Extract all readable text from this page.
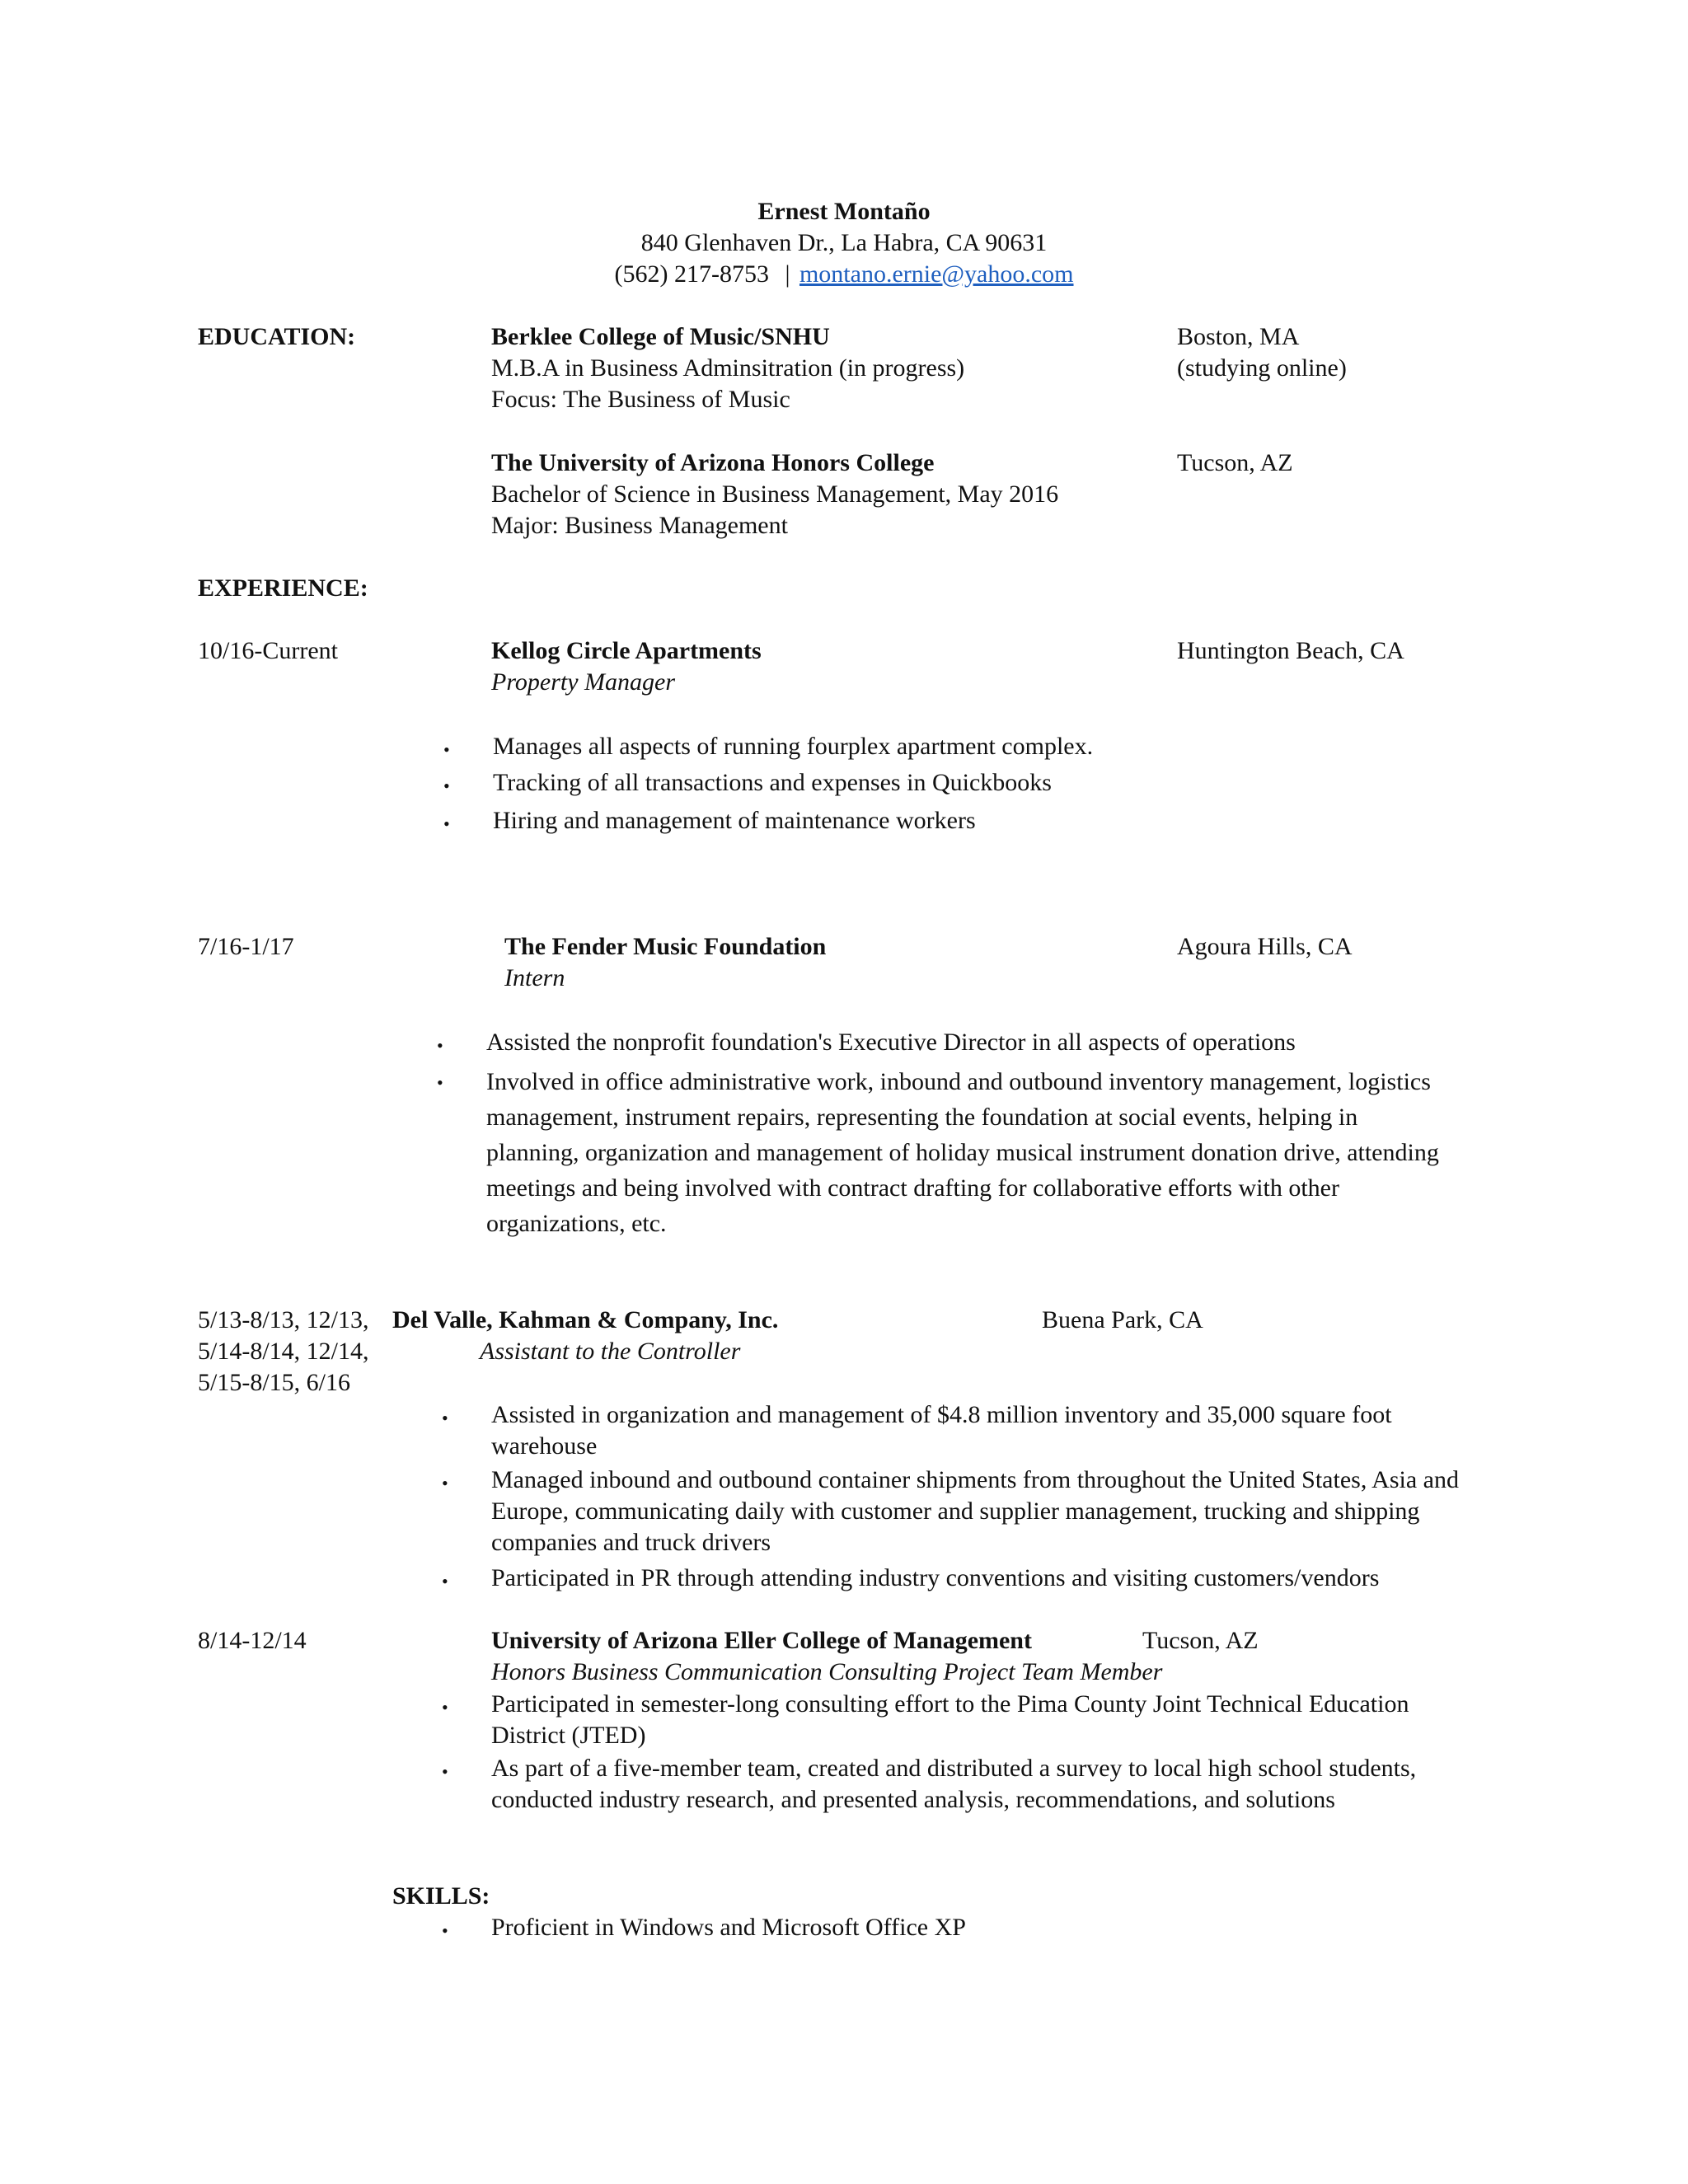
Ernest Montaño
840 Glenhaven Dr., La Habra, CA 90631
(562) 217-8753 | montano.ernie@yahoo.com
EDUCATION:	Berklee College of Music/SNHU	Boston, MA
M.B.A in Business Adminsitration (in progress)	(studying online)
Focus: The Business of Music
The University of Arizona Honors College	Tucson, AZ
Bachelor of Science in Business Management, May 2016
Major: Business Management
EXPERIENCE:
10/16-Current	Kellog Circle Apartments	Huntington Beach, CA
Property Manager
• Manages all aspects of running fourplex apartment complex.
• Tracking of all transactions and expenses in Quickbooks
• Hiring and management of maintenance workers
7/16-1/17	The Fender Music Foundation	Agoura Hills, CA
Intern
• Assisted the nonprofit foundation's Executive Director in all aspects of operations
• Involved in office administrative work, inbound and outbound inventory management, logistics management, instrument repairs, representing the foundation at social events, helping in planning, organization and management of holiday musical instrument donation drive, attending meetings and being involved with contract drafting for collaborative efforts with other organizations, etc.
5/13-8/13, 12/13,
5/14-8/14, 12/14,
5/15-8/15, 6/16
Del Valle, Kahman & Company, Inc.	Buena Park, CA
Assistant to the Controller
• Assisted in organization and management of $4.8 million inventory and 35,000 square foot warehouse
• Managed inbound and outbound container shipments from throughout the United States, Asia and Europe, communicating daily with customer and supplier management, trucking and shipping companies and truck drivers
• Participated in PR through attending industry conventions and visiting customers/vendors
8/14-12/14	University of Arizona Eller College of Management	Tucson, AZ
Honors Business Communication Consulting Project Team Member
• Participated in semester-long consulting effort to the Pima County Joint Technical Education District (JTED)
• As part of a five-member team, created and distributed a survey to local high school students, conducted industry research, and presented analysis, recommendations, and solutions
SKILLS:
• Proficient in Windows and Microsoft Office XP
